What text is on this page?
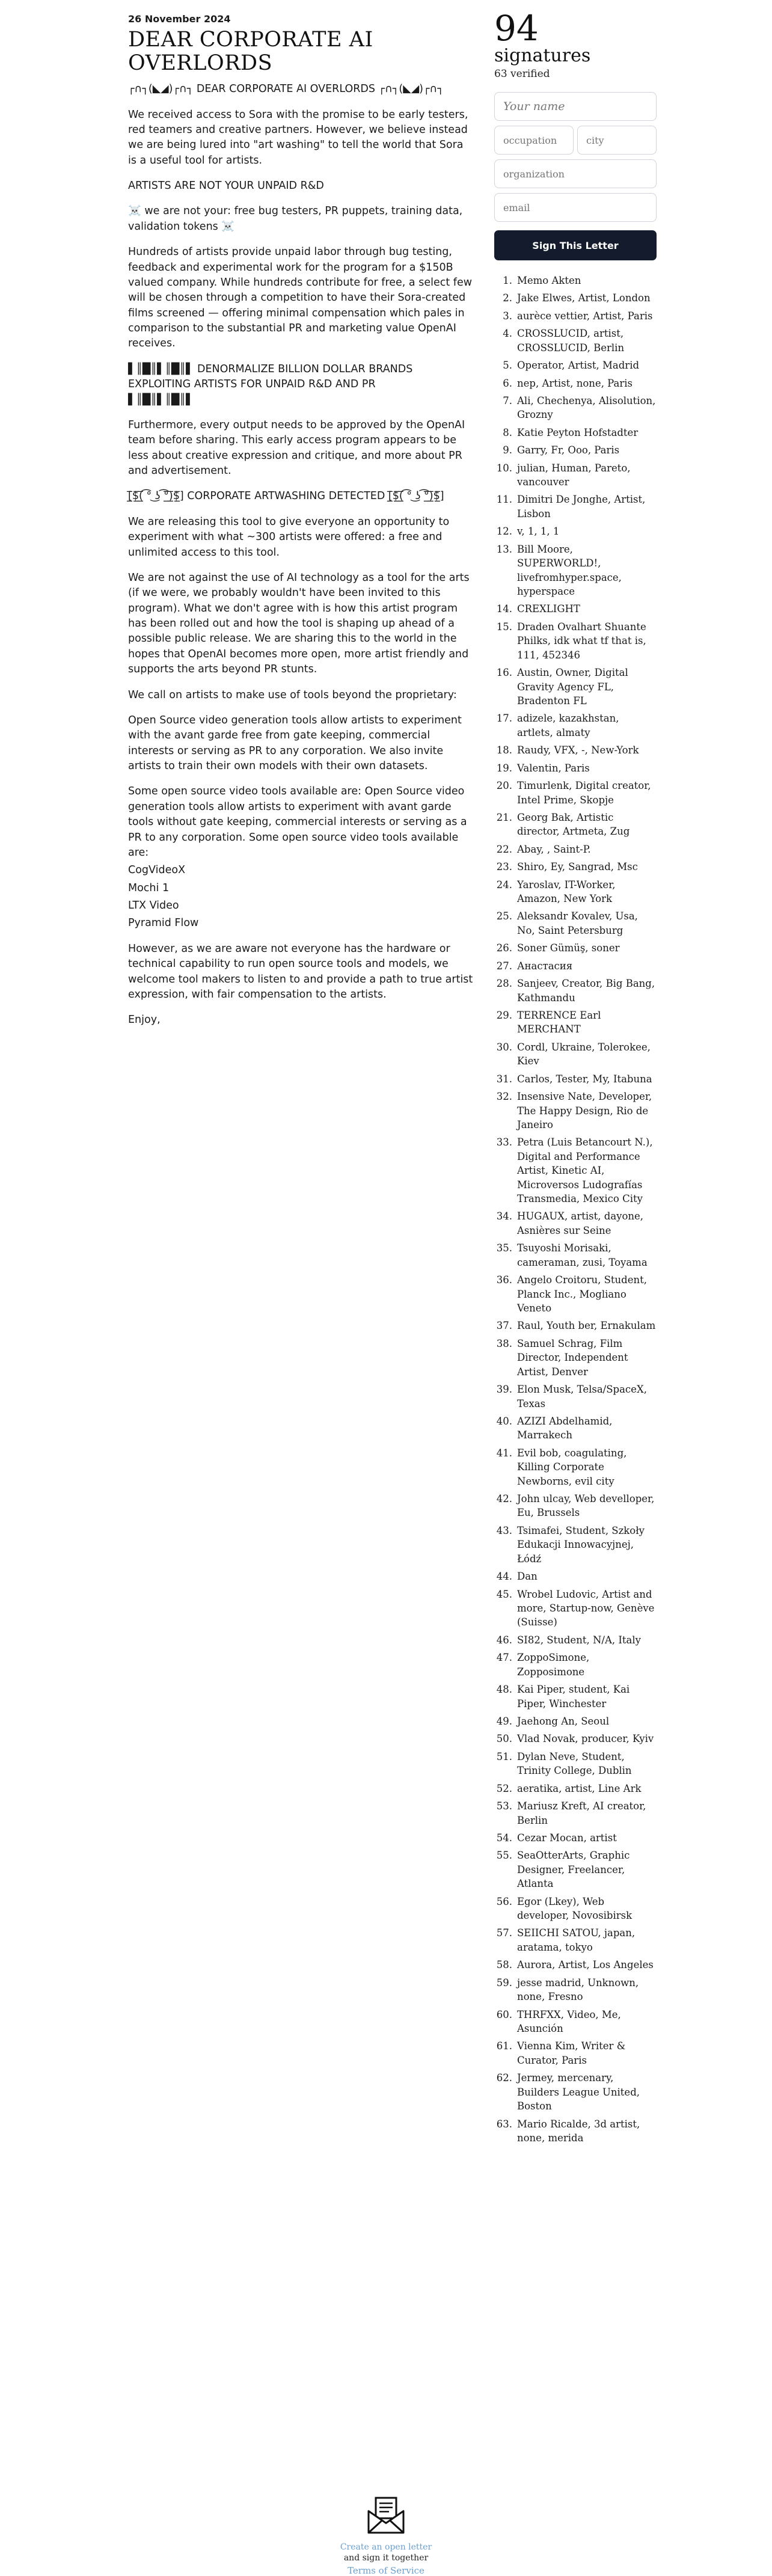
26 November 2024
DEAR CORPORATE AI OVERLORDS

┌∩┐(◣◢)┌∩┐ DEAR CORPORATE AI OVERLORDS ┌∩┐(◣◢)┌∩┐

We received access to Sora with the promise to be early testers, red teamers and creative partners. However, we believe instead we are being lured into "art washing" to tell the world that Sora is a useful tool for artists.

ARTISTS ARE NOT YOUR UNPAID R&D

☠️ we are not your: free bug testers, PR puppets, training data, validation tokens ☠️

Hundreds of artists provide unpaid labor through bug testing, feedback and experimental work for the program for a $150B valued company. While hundreds contribute for free, a select few will be chosen through a competition to have their Sora-created films screened — offering minimal compensation which pales in comparison to the substantial PR and marketing value OpenAI receives.

▌║█║▌║█║▌ DENORMALIZE BILLION DOLLAR BRANDS EXPLOITING ARTISTS FOR UNPAID R&D AND PR
▌║█║▌║█║▌

Furthermore, every output needs to be approved by the OpenAI team before sharing. This early access program appears to be less about creative expression and critique, and more about PR and advertisement.

[̲̅$̲̅(̲̅ ͡° ͜ʖ ͡°̲̅)̲̅$̲̅] CORPORATE ARTWASHING DETECTED [̲̅$̲̅(̲̅ ͡° ͜ʖ ͡°̲̅)̲̅$̲̅]

We are releasing this tool to give everyone an opportunity to experiment with what ~300 artists were offered: a free and unlimited access to this tool.

We are not against the use of AI technology as a tool for the arts (if we were, we probably wouldn't have been invited to this program). What we don't agree with is how this artist program has been rolled out and how the tool is shaping up ahead of a possible public release. We are sharing this to the world in the hopes that OpenAI becomes more open, more artist friendly and supports the arts beyond PR stunts.

We call on artists to make use of tools beyond the proprietary:

Open Source video generation tools allow artists to experiment with the avant garde free from gate keeping, commercial interests or serving as PR to any corporation. We also invite artists to train their own models with their own datasets.

Some open source video tools available are: Open Source video generation tools allow artists to experiment with avant garde tools without gate keeping, commercial interests or serving as a PR to any corporation. Some open source video tools available are:

CogVideoX

Mochi 1

LTX Video

Pyramid Flow

However, as we are aware not everyone has the hardware or technical capability to run open source tools and models, we welcome tool makers to listen to and provide a path to true artist expression, with fair compensation to the artists.

Enjoy,

94
signatures
63 verified
Your name
occupation
city
organization
email
Sign This Letter
1. Memo Akten
2. Jake Elwes, Artist, London
3. aurèce vettier, Artist, Paris
4. CROSSLUCID, artist, CROSSLUCID, Berlin
5. Operator, Artist, Madrid
6. nep, Artist, none, Paris
7. Ali, Chechenya, Alisolution, Grozny
8. Katie Peyton Hofstadter
9. Garry, Fr, Ooo, Paris
10. julian, Human, Pareto, vancouver
11. Dimitri De Jonghe, Artist, Lisbon
12. v, 1, 1, 1
13. Bill Moore, SUPERWORLD!, livefromhyper.space, hyperspace
14. CREXLIGHT
15. Draden Ovalhart Shuante Philks, idk what tf that is, 111, 452346
16. Austin, Owner, Digital Gravity Agency FL, Bradenton FL
17. adizele, kazakhstan, artlets, almaty
18. Raudy, VFX, -, New-York
19. Valentin, Paris
20. Timurlenk, Digital creator, Intel Prime, Skopje
21. Georg Bak, Artistic director, Artmeta, Zug
22. Abay, , Saint-P.
23. Shiro, Ey, Sangrad, Msc
24. Yaroslav, IT-Worker, Amazon, New York
25. Aleksandr Kovalev, Usa, No, Saint Petersburg
26. Soner Gümüş, soner
27. Анастасия
28. Sanjeev, Creator, Big Bang, Kathmandu
29. TERRENCE Earl MERCHANT
30. Cordl, Ukraine, Tolerokee, Kiev
31. Carlos, Tester, My, Itabuna
32. Insensive Nate, Developer, The Happy Design, Rio de Janeiro
33. Petra (Luis Betancourt N.), Digital and Performance Artist, Kinetic AI, Microversos Ludografías Transmedia, Mexico City
34. HUGAUX, artist, dayone, Asnières sur Seine
35. Tsuyoshi Morisaki, cameraman, zusi, Toyama
36. Angelo Croitoru, Student, Planck Inc., Mogliano Veneto
37. Raul, Youth ber, Ernakulam
38. Samuel Schrag, Film Director, Independent Artist, Denver
39. Elon Musk, Telsa/SpaceX, Texas
40. AZIZI Abdelhamid, Marrakech
41. Evil bob, coagulating, Killing Corporate Newborns, evil city
42. John ulcay, Web develloper, Eu, Brussels
43. Tsimafei, Student, Szkoły Edukacji Innowacyjnej, Łódź
44. Dan
45. Wrobel Ludovic, Artist and more, Startup-now, Genève (Suisse)
46. SI82, Student, N/A, Italy
47. ZoppoSimone, Zopposimone
48. Kai Piper, student, Kai Piper, Winchester
49. Jaehong An, Seoul
50. Vlad Novak, producer, Kyiv
51. Dylan Neve, Student, Trinity College, Dublin
52. aeratika, artist, Line Ark
53. Mariusz Kreft, AI creator, Berlin
54. Cezar Mocan, artist
55. SeaOtterArts, Graphic Designer, Freelancer, Atlanta
56. Egor (Lkey), Web developer, Novosibirsk
57. SEIICHI SATOU, japan, aratama, tokyo
58. Aurora, Artist, Los Angeles
59. jesse madrid, Unknown, none, Fresno
60. THRFXX, Video, Me, Asunción
61. Vienna Kim, Writer & Curator, Paris
62. Jermey, mercenary, Builders League United, Boston
63. Mario Ricalde, 3d artist, none, merida

Create an open letter

and sign it together

Terms of Service
